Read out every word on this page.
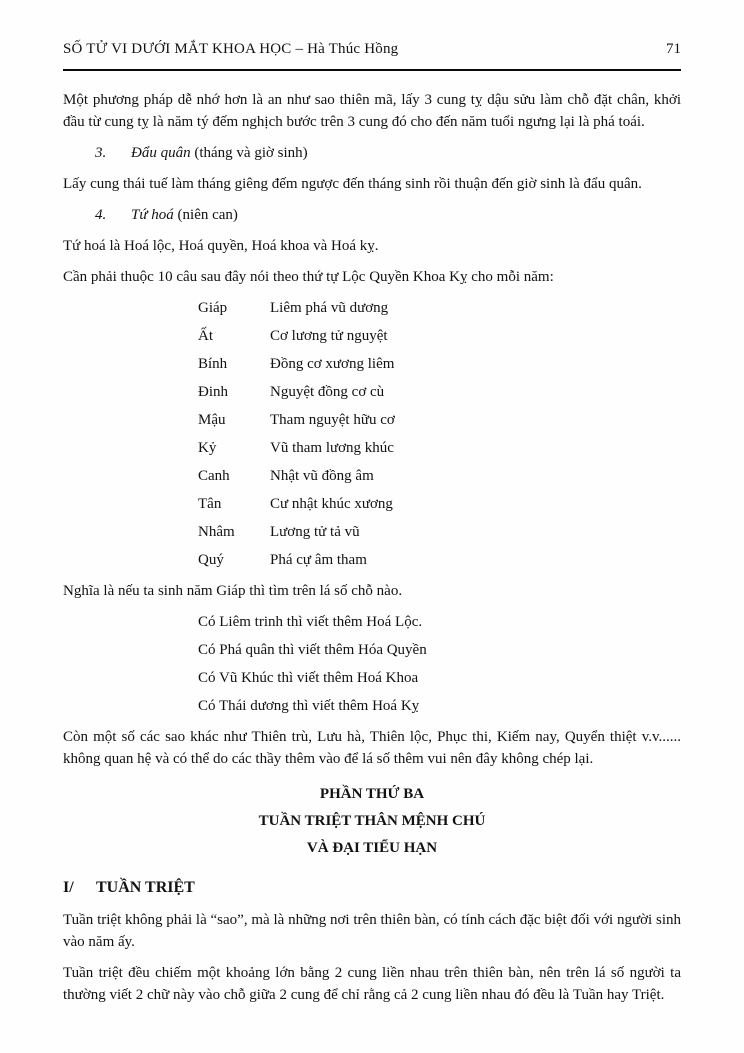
SỐ TỬ VI DƯỚI MẮT KHOA HỌC – Hà Thúc Hồng	71

Một phương pháp dễ nhớ hơn là an như sao thiên mã, lấy 3 cung tỵ dậu sửu làm chỗ đặt chân, khởi đầu từ cung tỵ là năm tý đếm nghịch bước trên 3 cung đó cho đến năm tuổi ngưng lại là phá toái.

3. Đẩu quân (tháng và giờ sinh)

Lấy cung thái tuế làm tháng giêng đếm ngược đến tháng sinh rồi thuận đến giờ sinh là đẩu quân.

4. Tứ hoá (niên can)

Tứ hoá là Hoá lộc, Hoá quyền, Hoá khoa và Hoá kỵ.

Cần phải thuộc 10 câu sau đây nói theo thứ tự Lộc Quyền Khoa Kỵ cho mỗi năm:

Giáp	Liêm phá vũ dương
Ất	Cơ lương tử nguyệt
Bính	Đồng cơ xương liêm
Đinh	Nguyệt đồng cơ cù
Mậu	Tham nguyệt hữu cơ
Kỷ	Vũ tham lương khúc
Canh	Nhật vũ đồng âm
Tân	Cư nhật khúc xương
Nhâm Lương tử tả vũ
Quý	Phá cự âm tham

Nghĩa là nếu ta sinh năm Giáp thì tìm trên lá số chỗ nào.

Có Liêm trinh thì viết thêm Hoá Lộc.
Có Phá quân thì viết thêm Hóa Quyền
Có Vũ Khúc thì viết thêm Hoá Khoa
Có Thái dương thì viết thêm Hoá Kỵ

Còn một số các sao khác như Thiên trù, Lưu hà, Thiên lộc, Phục thi, Kiếm nay, Quyển thiệt v.v...... không quan hệ và có thể do các thầy thêm vào để lá số thêm vui nên đây không chép lại.

PHẦN THỨ BA
TUẦN TRIỆT THÂN MỆNH CHÚ
VÀ ĐẠI TIỂU HẠN
I/ TUẦN TRIỆT

Tuần triệt không phải là “sao”, mà là những nơi trên thiên bàn, có tính cách đặc biệt đối với người sinh vào năm ấy.

Tuần triệt đều chiếm một khoảng lớn bằng 2 cung liền nhau trên thiên bàn, nên trên lá số người ta thường viết 2 chữ này vào chỗ giữa 2 cung để chỉ rằng cả 2 cung liền nhau đó đều là Tuần hay Triệt.
